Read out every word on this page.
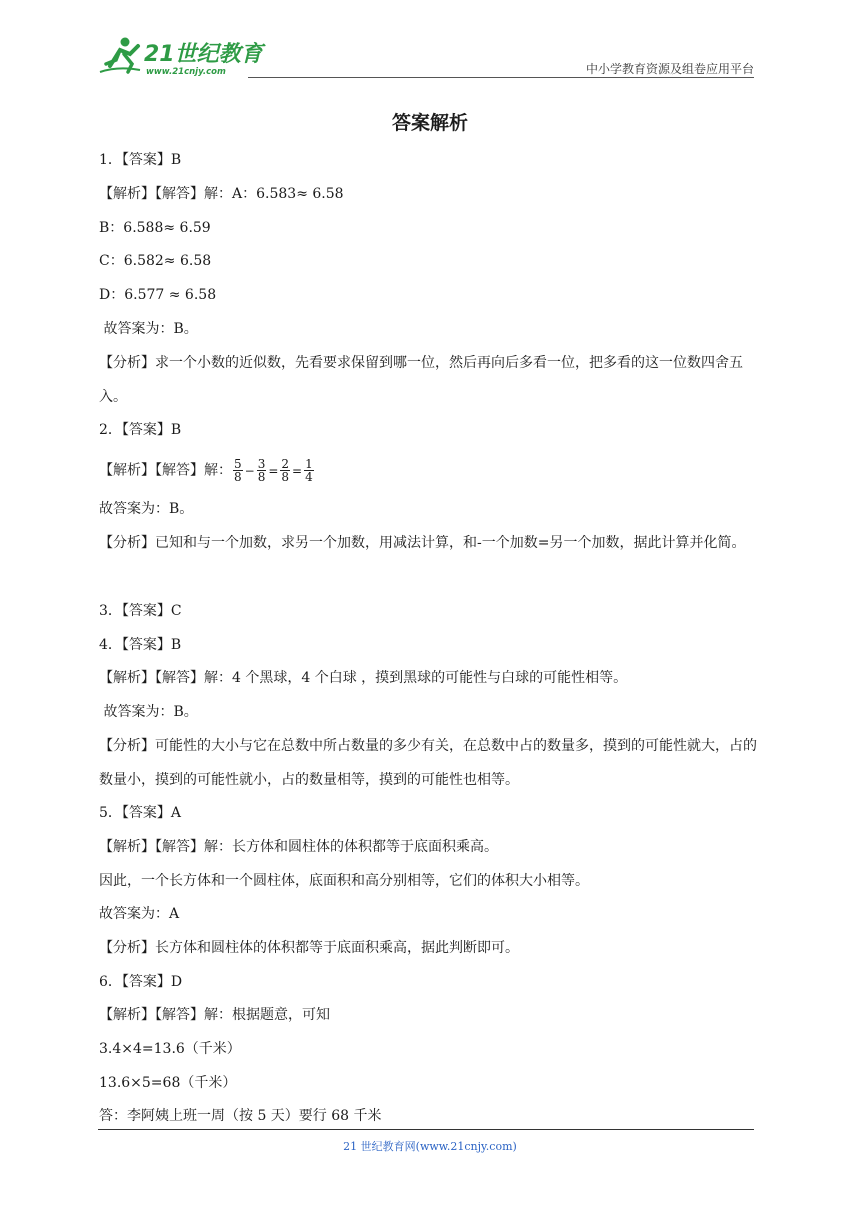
21世纪教育
www.21cnjy.com	中小学教育资源及组卷应用平台
答案解析
1．【答案】B
【解析】【解答】解：A：6.583≈ 6.58
B：6.588≈ 6.59
C：6.582≈ 6.58
D：6.577 ≈ 6.58
故答案为：B。
【分析】求一个小数的近似数，先看要求保留到哪一位，然后再向后多看一位，把多看的这一位数四舍五入。
2．【答案】B
【解析】【解答】解： $\frac{5}{8} - \frac{3}{8} = \frac{2}{8} = \frac{1}{4}$
故答案为：B。
【分析】已知和与一个加数，求另一个加数，用减法计算，和-一个加数=另一个加数，据此计算并化简。
3．【答案】C
4．【答案】B
【解析】【解答】解：4 个黑球，4 个白球 ，摸到黑球的可能性与白球的可能性相等。
故答案为：B。
【分析】可能性的大小与它在总数中所占数量的多少有关，在总数中占的数量多，摸到的可能性就大，占的数量小，摸到的可能性就小，占的数量相等，摸到的可能性也相等。
5．【答案】A
【解析】【解答】解：长方体和圆柱体的体积都等于底面积乘高。
因此，一个长方体和一个圆柱体，底面积和高分别相等，它们的体积大小相等。
故答案为：A
【分析】长方体和圆柱体的体积都等于底面积乘高，据此判断即可。
6．【答案】D
【解析】【解答】解：根据题意，可知
3.4×4=13.6（千米）
13.6×5=68（千米）
答：李阿姨上班一周（按 5 天）要行 68 千米
21 世纪教育网(www.21cnjy.com)
